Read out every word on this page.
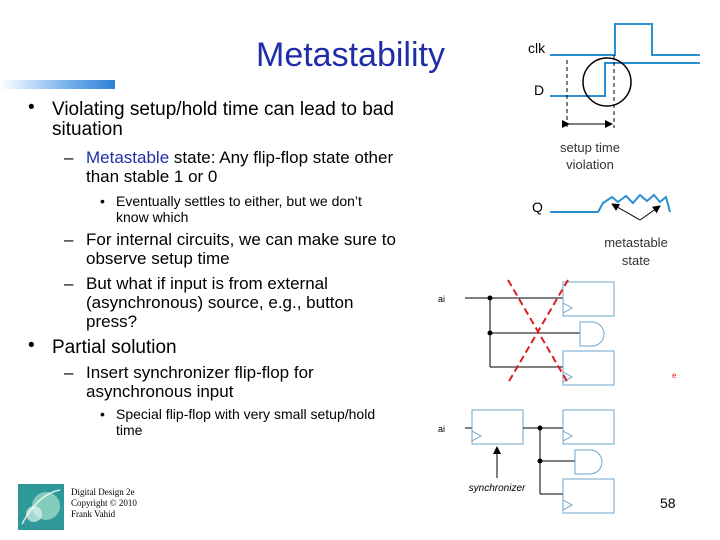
Metastability
• Violating setup/hold time can lead to bad
situation
– Metastable state: Any flip-flop state other
than stable 1 or 0
• Eventually settles to either, but we don’t
know which
– For internal circuits, we can make sure to
observe setup time
– But what if input is from external
(asynchronous) source, e.g., button
press?
• Partial solution
– Insert synchronizer flip-flop for
asynchronous input
• Special flip-flop with very small setup/hold
time
clk
D
Q
setup time
violation
metastable
state
ai
e
ai
synchronizer
Digital Design 2e
Copyright © 2010
Frank Vahid
58
